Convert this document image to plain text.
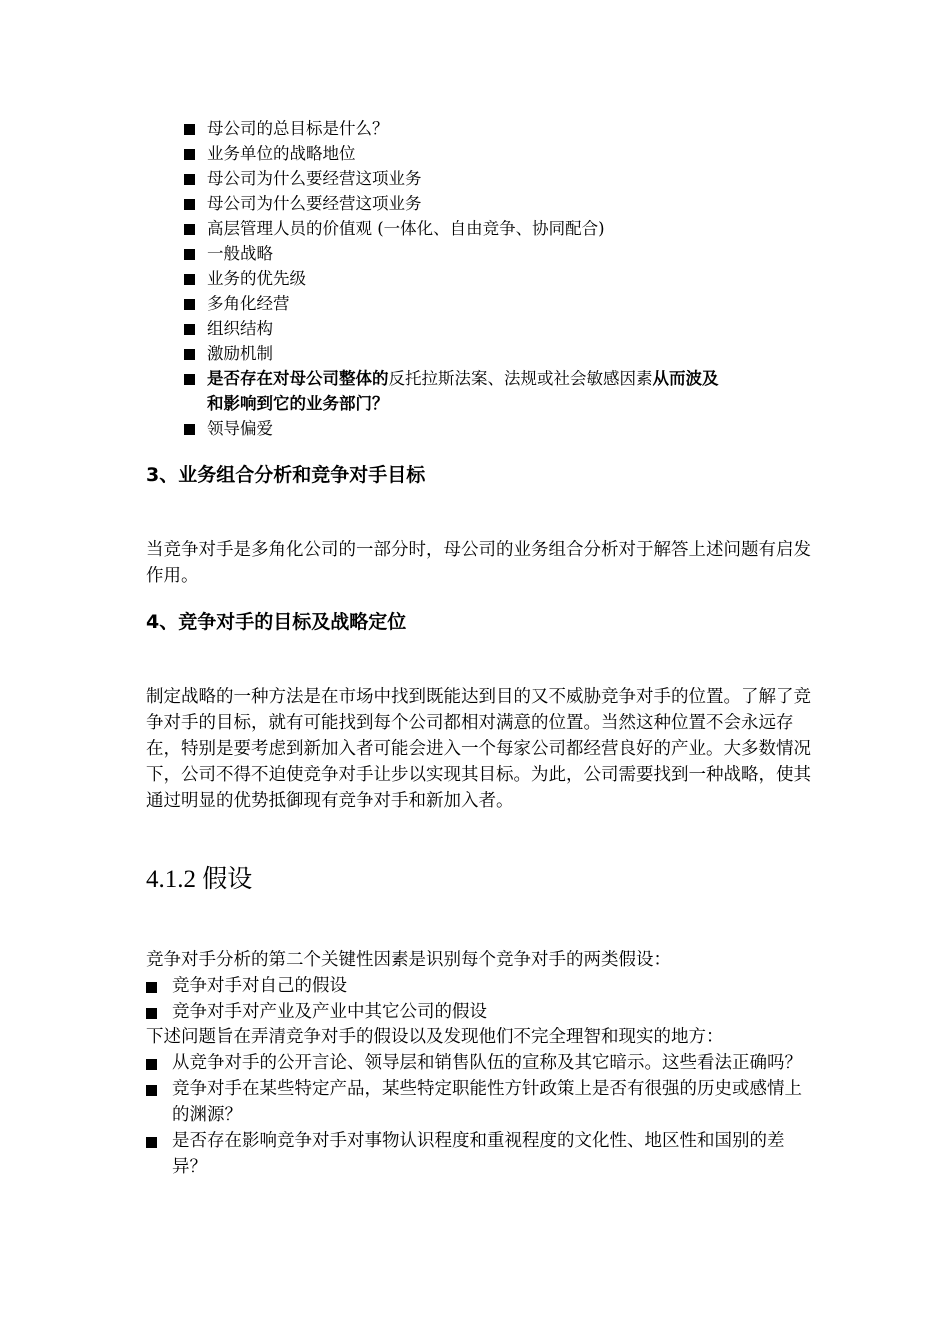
母公司的总目标是什么？
业务单位的战略地位
母公司为什么要经营这项业务
母公司为什么要经营这项业务
高层管理人员的价值观 (一体化、自由竞争、协同配合)
一般战略
业务的优先级
多角化经营
组织结构
激励机制
是否存在对母公司整体的反托拉斯法案、法规或社会敏感因素从而波及
和影响到它的业务部门？
领导偏爱
3、业务组合分析和竞争对手目标

当竞争对手是多角化公司的一部分时，母公司的业务组合分析对于解答上述问题有启发作用。

4、竞争对手的目标及战略定位

制定战略的一种方法是在市场中找到既能达到目的又不威胁竞争对手的位置。了解了竞争对手的目标，就有可能找到每个公司都相对满意的位置。当然这种位置不会永远存在，特别是要考虑到新加入者可能会进入一个每家公司都经营良好的产业。大多数情况下，公司不得不迫使竞争对手让步以实现其目标。为此，公司需要找到一种战略，使其通过明显的优势抵御现有竞争对手和新加入者。

4.1.2 假设

竞争对手分析的第二个关键性因素是识别每个竞争对手的两类假设：

竞争对手对自己的假设
竞争对手对产业及产业中其它公司的假设

下述问题旨在弄清竞争对手的假设以及发现他们不完全理智和现实的地方：

从竞争对手的公开言论、领导层和销售队伍的宣称及其它暗示。这些看法正确吗？
竞争对手在某些特定产品，某些特定职能性方针政策上是否有很强的历史或感情上的渊源？
是否存在影响竞争对手对事物认识程度和重视程度的文化性、地区性和国别的差异？
